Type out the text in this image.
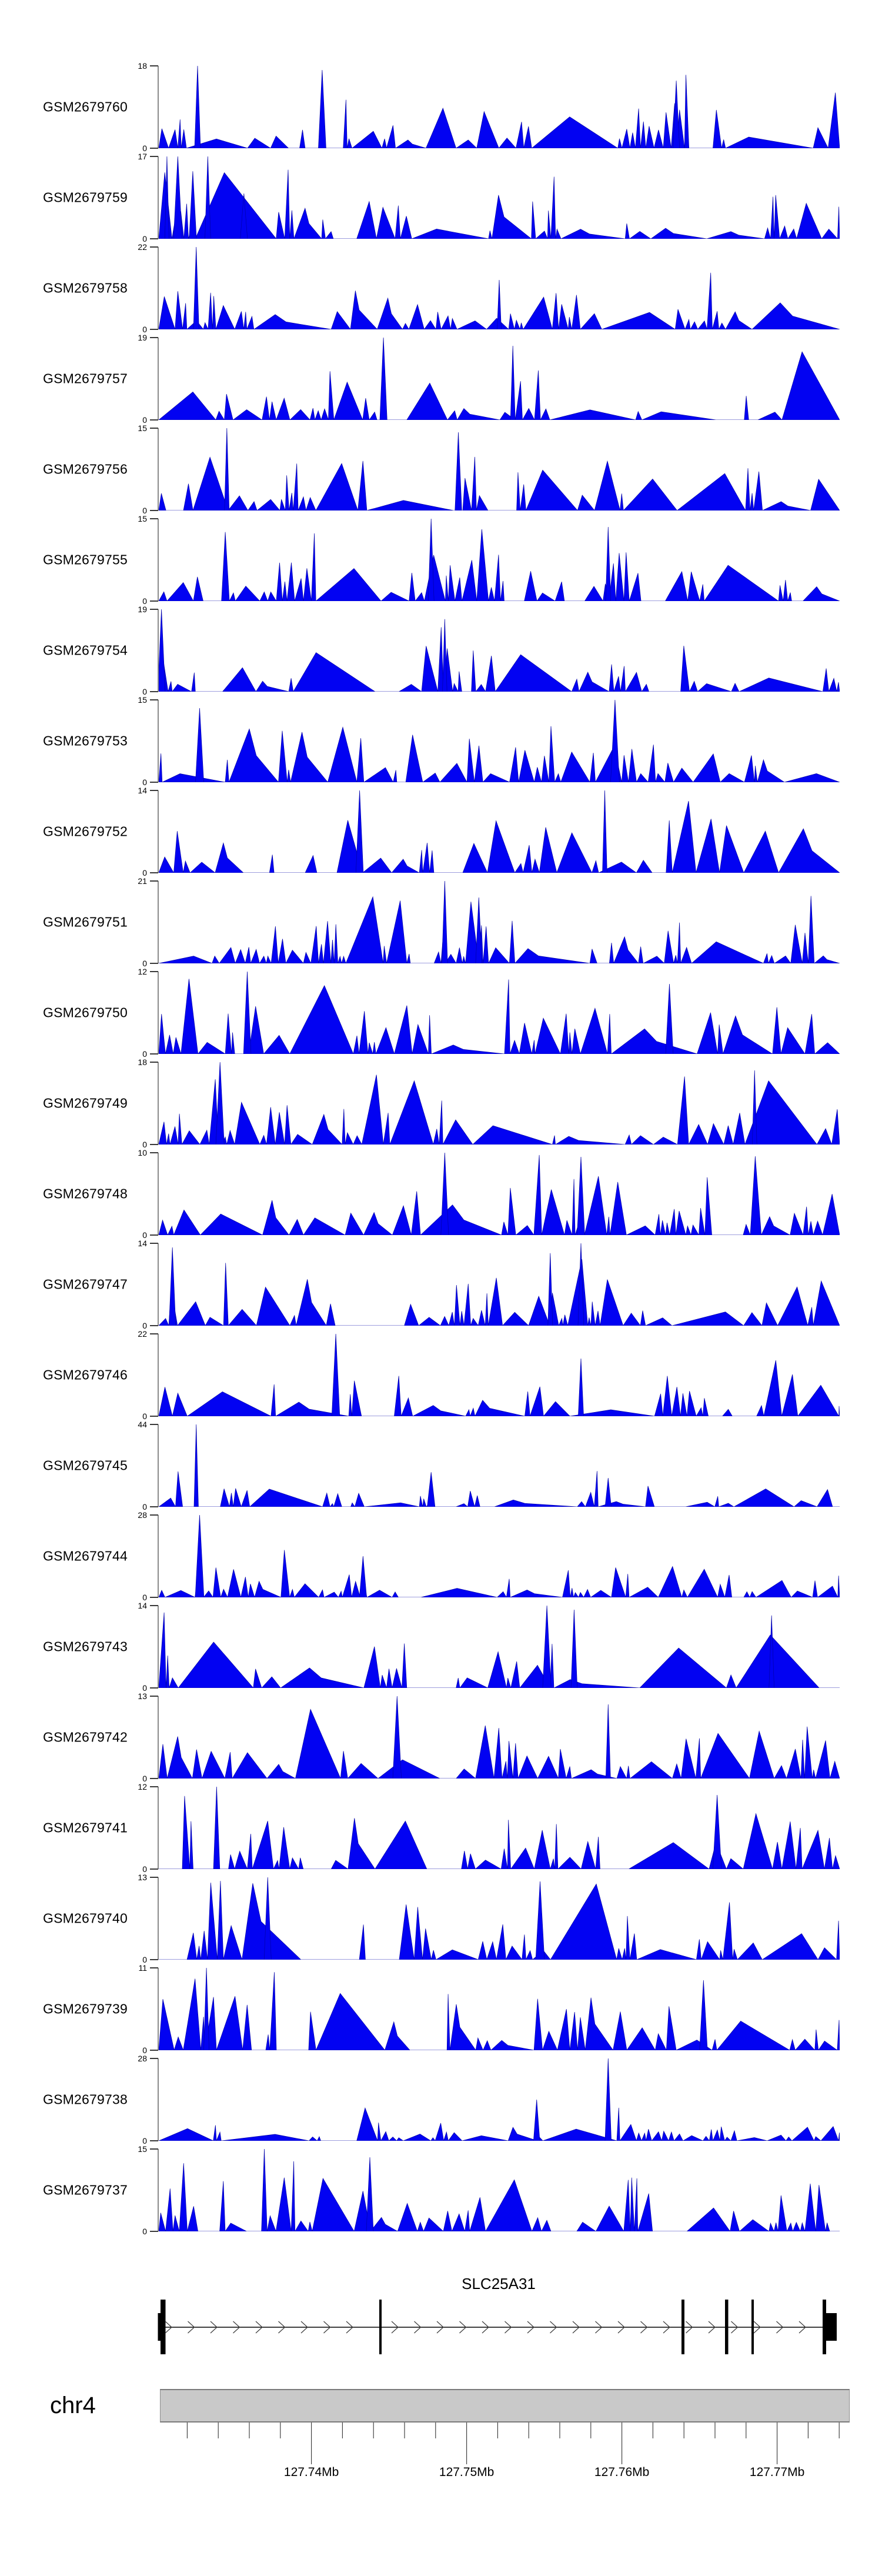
GSM2679760
18
0
GSM2679759
17
0
GSM2679758
22
0
GSM2679757
19
0
GSM2679756
15
0
GSM2679755
15
0
GSM2679754
19
0
GSM2679753
15
0
GSM2679752
14
0
GSM2679751
21
0
GSM2679750
12
0
GSM2679749
18
0
GSM2679748
10
0
GSM2679747
14
0
GSM2679746
22
0
GSM2679745
44
0
GSM2679744
28
0
GSM2679743
14
0
GSM2679742
13
0
GSM2679741
12
0
GSM2679740
13
0
GSM2679739
11
0
GSM2679738
28
0
GSM2679737
15
0
SLC25A31
chr4
127.74Mb	127.75Mb	127.76Mb	127.77Mb
